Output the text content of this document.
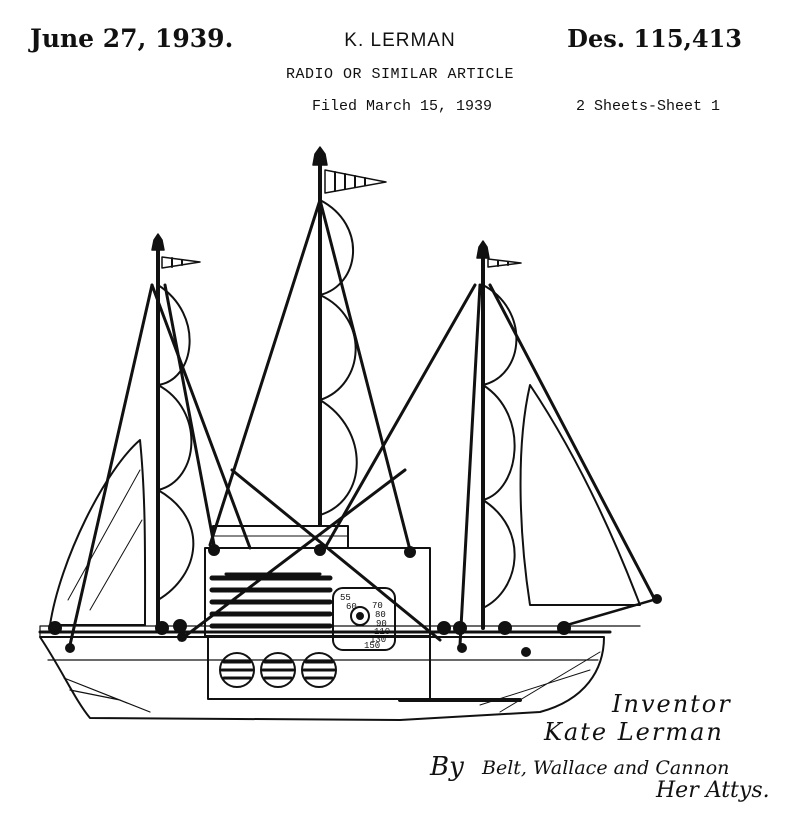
June 27, 1939.	K. LERMAN	Des. 115,413
RADIO OR SIMILAR ARTICLE
Filed March 15, 1939	2 Sheets-Sheet 1
55
60 70
80
90
110
130
150
Inventor
Kate Lerman
By Belt, Wallace and Cannon
Her Attys.
